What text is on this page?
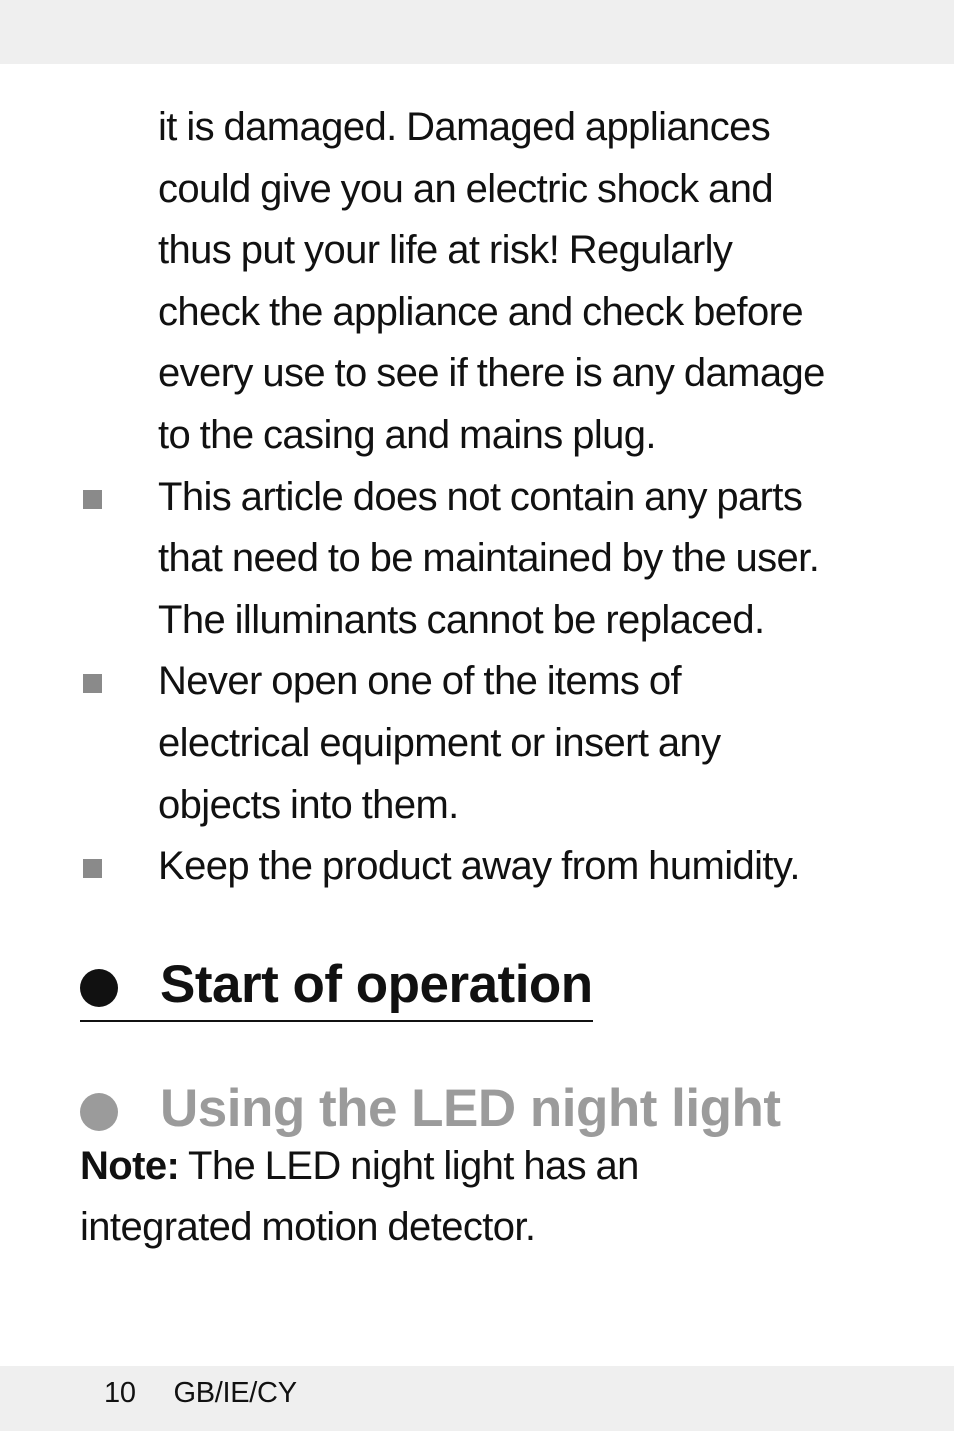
it is damaged. Damaged appliances
could give you an electric shock and
thus put your life at risk! Regularly
check the appliance and check before
every use to see if there is any damage
to the casing and mains plug.
This article does not contain any parts
that need to be maintained by the user.
The illuminants cannot be replaced.
Never open one of the items of
electrical equipment or insert any
objects into them.
Keep the product away from humidity.
Start of operation
Using the LED night light
Note: The LED night light has an
integrated motion detector.
10 GB/IE/CY
